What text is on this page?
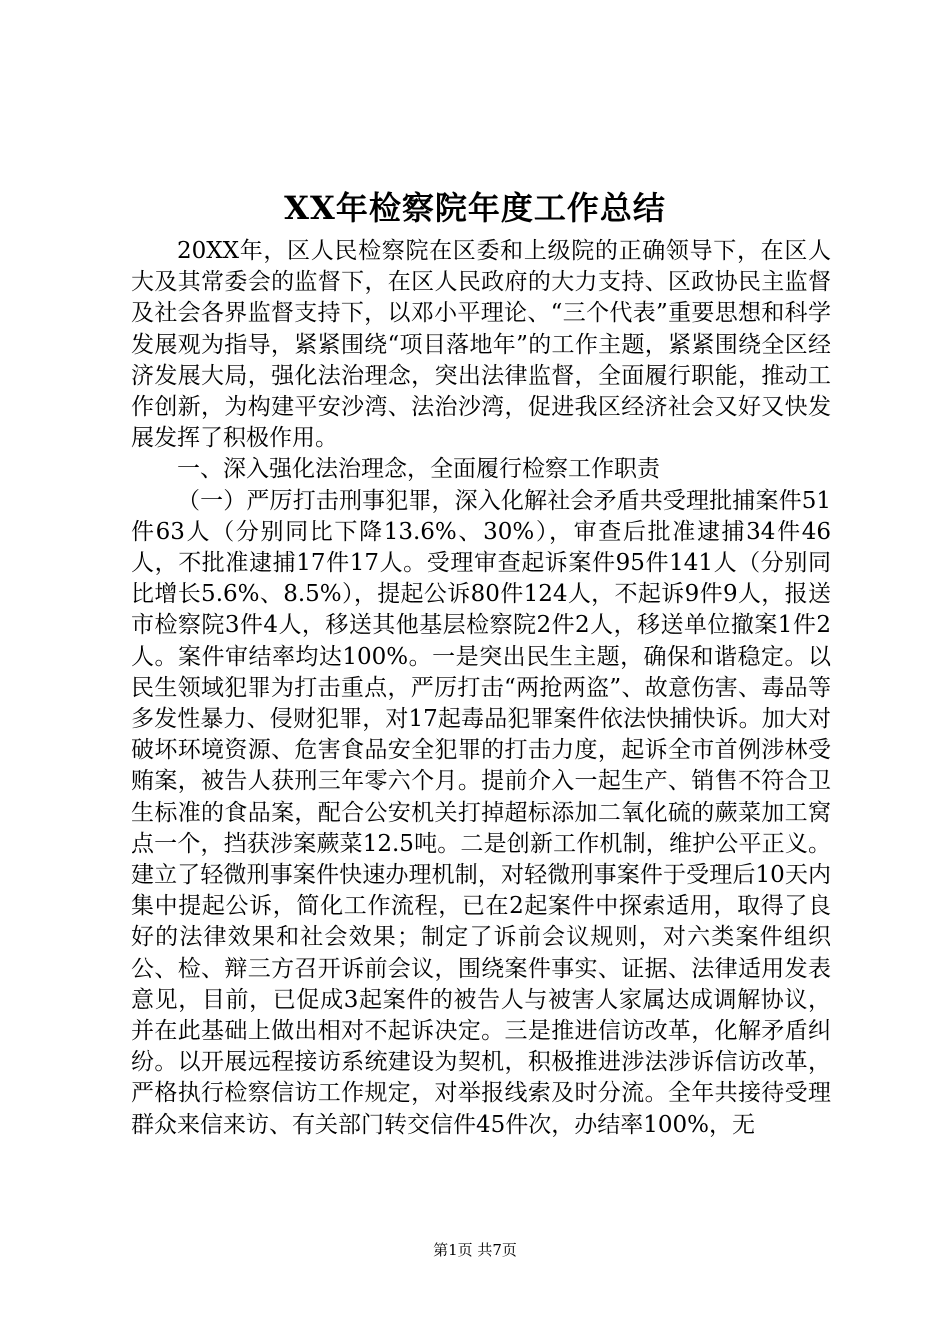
XX年检察院年度工作总结

20XX年，区人民检察院在区委和上级院的正确领导下，在区人大及其常委会的监督下，在区人民政府的大力支持、区政协民主监督及社会各界监督支持下，以邓小平理论、“三个代表”重要思想和科学发展观为指导，紧紧围绕“项目落地年”的工作主题，紧紧围绕全区经济发展大局，强化法治理念，突出法律监督，全面履行职能，推动工作创新，为构建平安沙湾、法治沙湾，促进我区经济社会又好又快发展发挥了积极作用。

一、深入强化法治理念，全面履行检察工作职责

（一）严厉打击刑事犯罪，深入化解社会矛盾共受理批捕案件51件63人（分别同比下降13.6%、30%），审查后批准逮捕34件46人，不批准逮捕17件17人。受理审查起诉案件95件141人（分别同比增长5.6%、8.5%），提起公诉80件124人，不起诉9件9人，报送市检察院3件4人，移送其他基层检察院2件2人，移送单位撤案1件2人。案件审结率均达100%。一是突出民生主题，确保和谐稳定。以民生领域犯罪为打击重点，严厉打击“两抢两盗”、故意伤害、毒品等多发性暴力、侵财犯罪，对17起毒品犯罪案件依法快捕快诉。加大对破坏环境资源、危害食品安全犯罪的打击力度，起诉全市首例涉林受贿案，被告人获刑三年零六个月。提前介入一起生产、销售不符合卫生标准的食品案，配合公安机关打掉超标添加二氧化硫的蕨菜加工窝点一个，挡获涉案蕨菜12.5吨。二是创新工作机制，维护公平正义。建立了轻微刑事案件快速办理机制，对轻微刑事案件于受理后10天内集中提起公诉，简化工作流程，已在2起案件中探索适用，取得了良好的法律效果和社会效果；制定了诉前会议规则，对六类案件组织公、检、辩三方召开诉前会议，围绕案件事实、证据、法律适用发表意见，目前，已促成3起案件的被告人与被害人家属达成调解协议，并在此基础上做出相对不起诉决定。三是推进信访改革，化解矛盾纠纷。以开展远程接访系统建设为契机，积极推进涉法涉诉信访改革，严格执行检察信访工作规定，对举报线索及时分流。全年共接待受理群众来信来访、有关部门转交信件45件次，办结率100%，无

第1页 共7页
